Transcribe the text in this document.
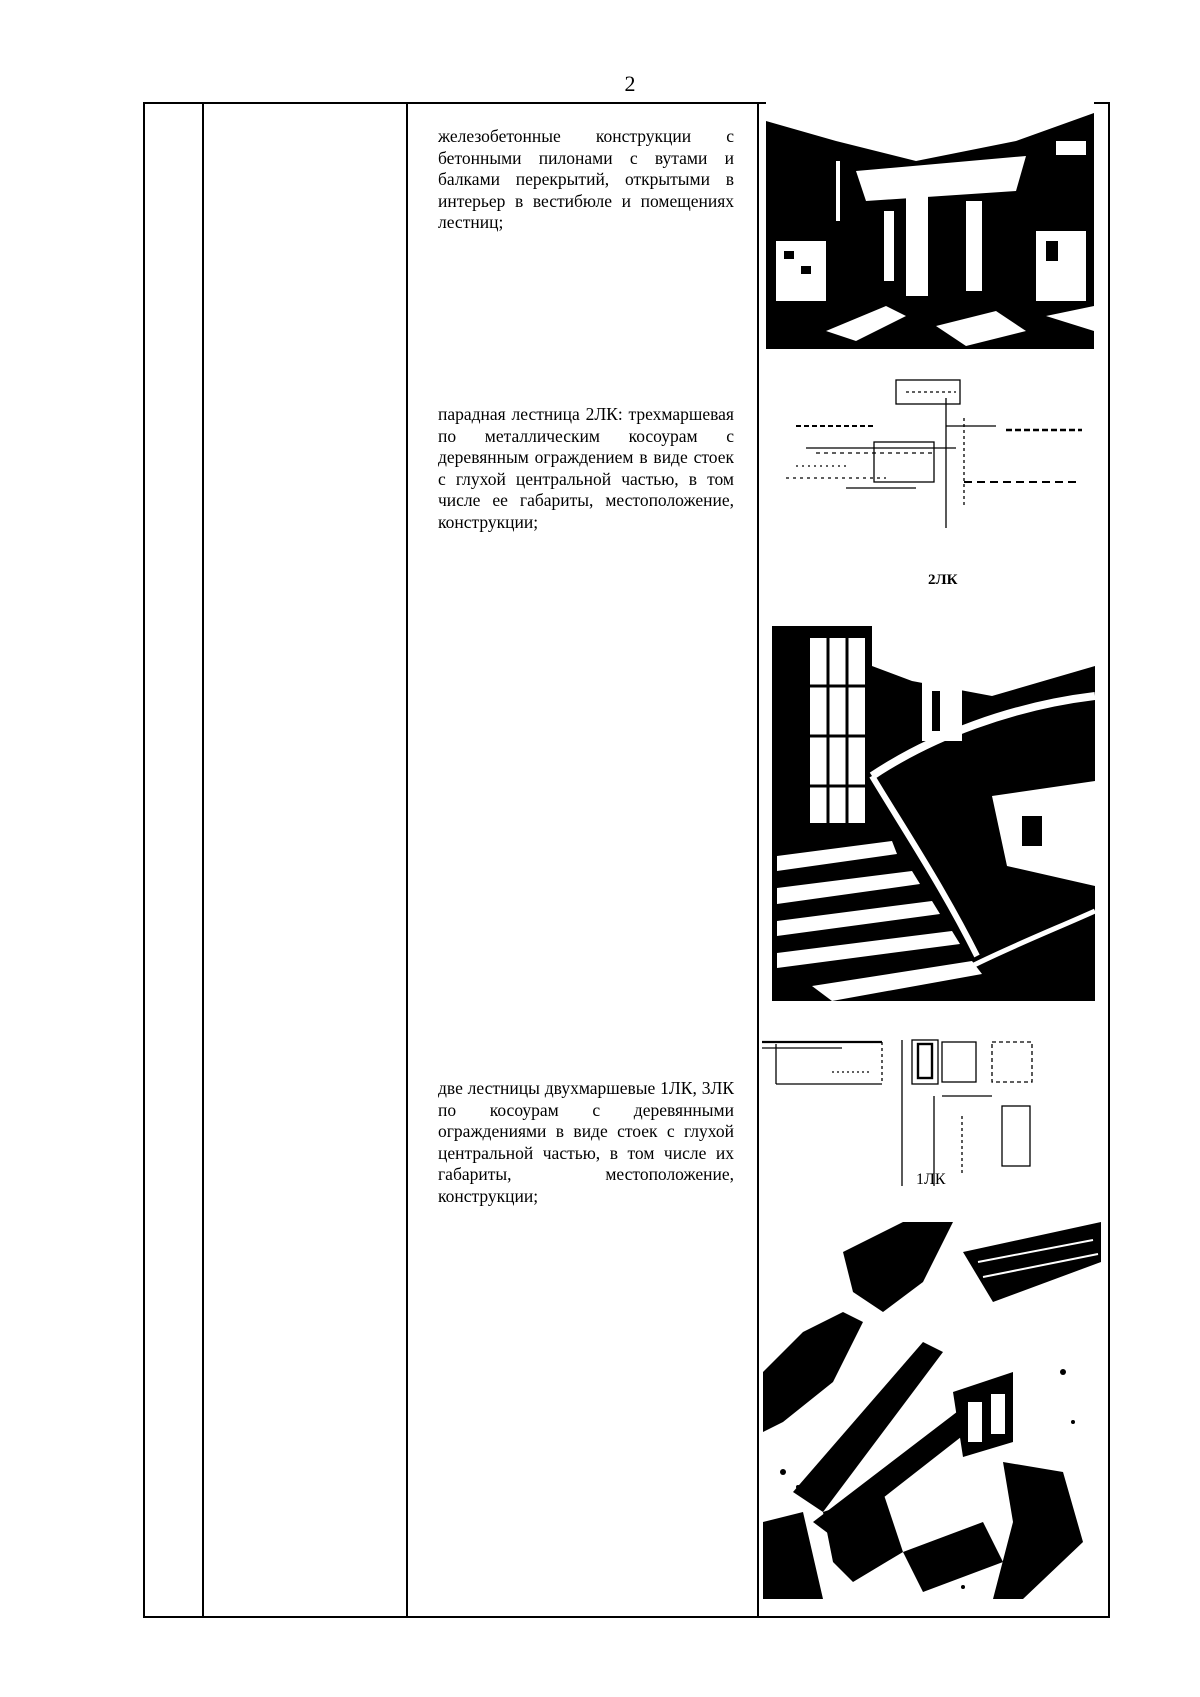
2
железобетонные конструкции с бетонными пилонами с вутами и балками перекрытий, открытыми в интерьер в вестибюле и помещениях лестниц;
парадная лестница 2ЛК: трехмаршевая по металлическим косоурам с деревянным ограждением в виде стоек с глухой центральной частью, в том числе ее габариты, местоположение, конструкции;
две лестницы двухмаршевые 1ЛК, 3ЛК по косоурам с деревянными ограждениями в виде стоек с глухой центральной частью, в том числе их габариты, местоположение, конструкции;
2ЛК
1ЛК
